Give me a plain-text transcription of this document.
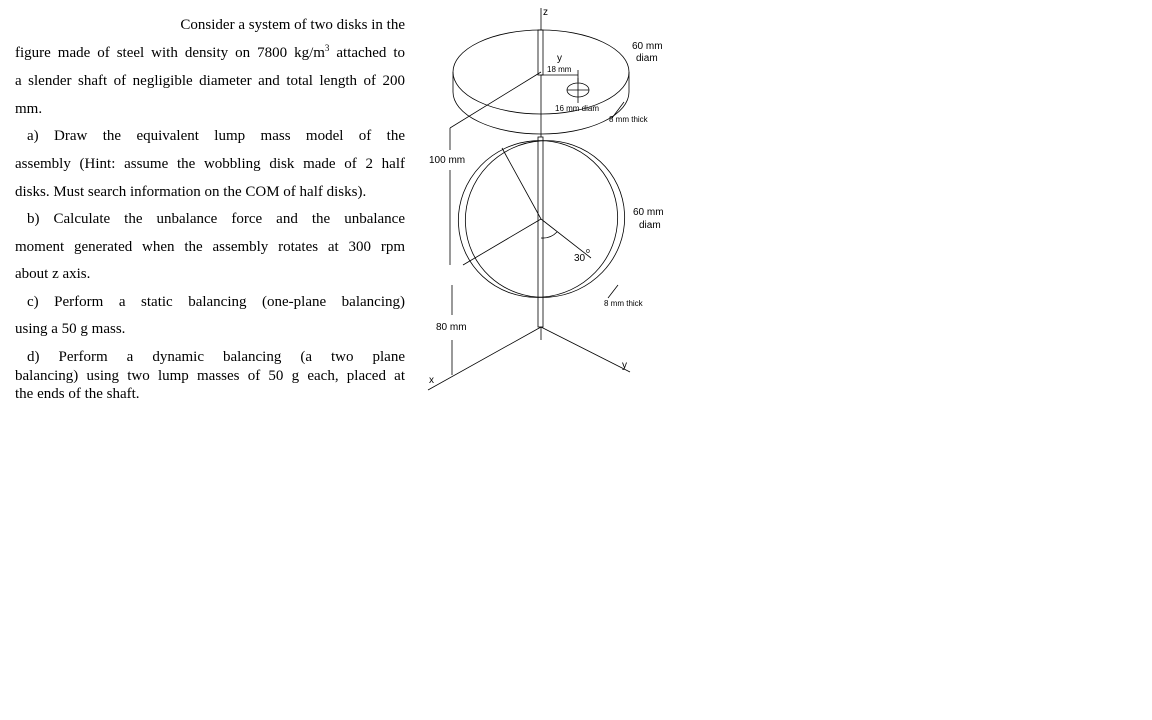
Consider a system of two disks in the
figure made of steel with density on 7800 $kg/m^3$ attached to
a slender shaft of negligible diameter and total length of 200
mm.
a) Draw the equivalent lump mass model of the
assembly (Hint: assume the wobbling disk made of 2 half
disks. Must search information on the COM of half disks).
b) Calculate the unbalance force and the unbalance
moment generated when the assembly rotates at 300 rpm
about z axis.
c) Perform a static balancing (one-plane balancing)
using a 50 g mass.
d) Perform a dynamic balancing (a two plane
balancing) using two lump masses of 50 g each, placed at
the ends of the shaft.
z
y
18 mm
60 mm
diam
16 mm diam
8 mm thick
100 mm
60 mm
diam
30
o
8 mm thick
80 mm
y
x
